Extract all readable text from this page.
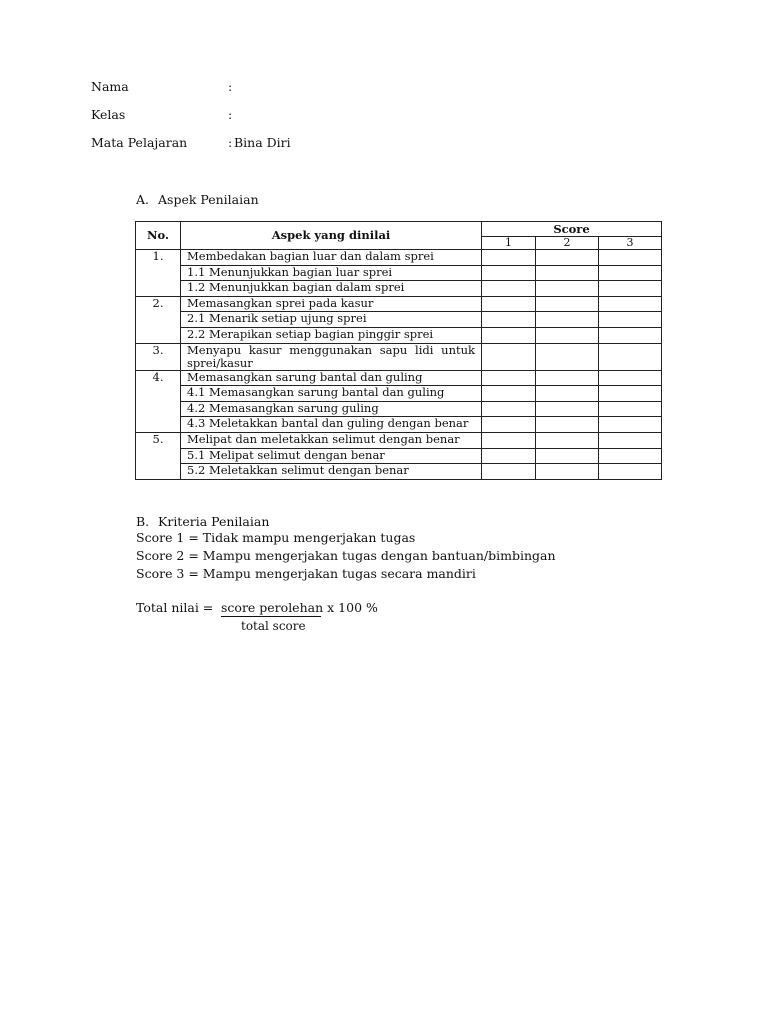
Nama	:
Kelas	:
Mata Pelajaran	: Bina Diri
A. Aspek Penilaian
No.	Aspek yang dinilai	Score		
		1	2	3
1.	Membedakan bagian luar dan dalam sprei			
	1.1 Menunjukkan bagian luar sprei			
	1.2 Menunjukkan bagian dalam sprei			
2.	Memasangkan sprei pada kasur			
	2.1 Menarik setiap ujung sprei			
	2.2 Merapikan setiap bagian pinggir sprei			
3.	Menyapu kasur menggunakan sapu lidi untuk sprei/kasur			
4.	Memasangkan sarung bantal dan guling			
	4.1 Memasangkan sarung bantal dan guling			
	4.2 Memasangkan sarung guling			
	4.3 Meletakkan bantal dan guling dengan benar			
5.	Melipat dan meletakkan selimut dengan benar			
	5.1 Melipat selimut dengan benar			
	5.2 Meletakkan selimut dengan benar			
B. Kriteria Penilaian
Score 1 = Tidak mampu mengerjakan tugas
Score 2 = Mampu mengerjakan tugas dengan bantuan/bimbingan
Score 3 = Mampu mengerjakan tugas secara mandiri
Total nilai = score perolehan x 100 %
total score
